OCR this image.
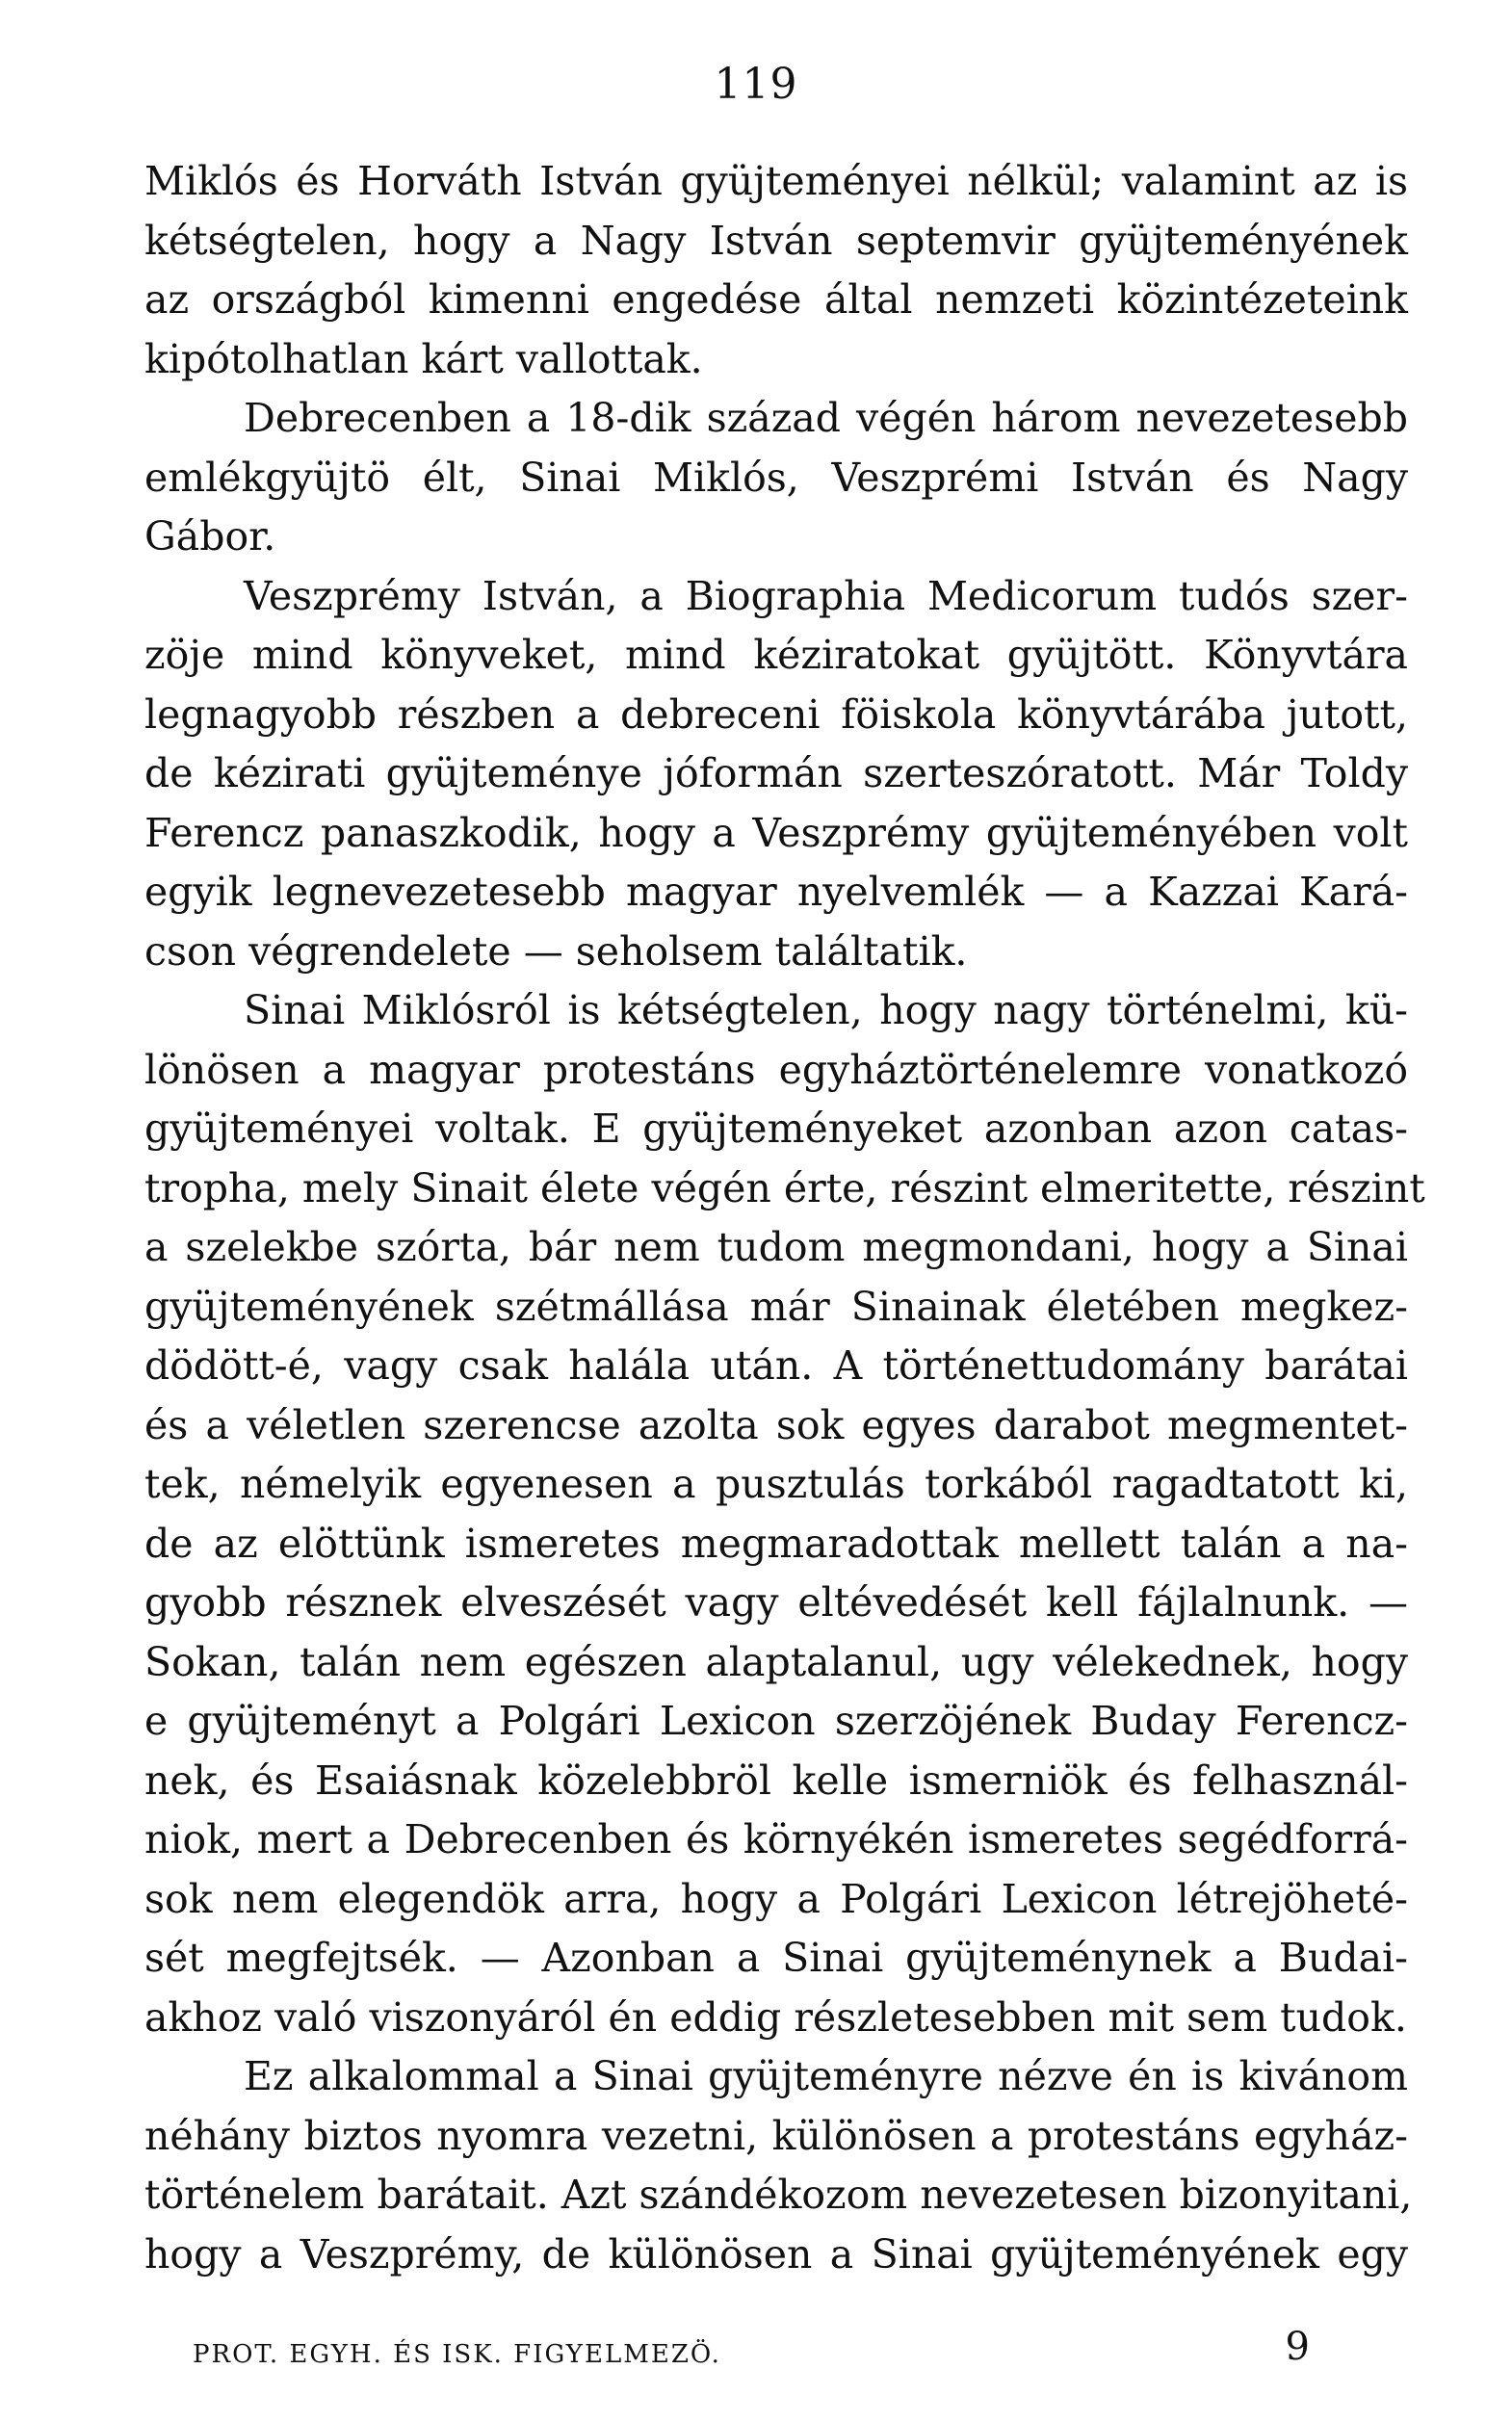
119
Miklós és Horváth István gyüjteményei nélkül; valamint az is
kétségtelen, hogy a Nagy István septemvir gyüjteményének
az országból kimenni engedése által nemzeti közintézeteink
kipótolhatlan kárt vallottak.
Debrecenben a 18-dik század végén három nevezetesebb
emlékgyüjtö élt, Sinai Miklós, Veszprémi István és Nagy
Gábor.
Veszprémy István, a Biographia Medicorum tudós szer-
zöje mind könyveket, mind kéziratokat gyüjtött. Könyvtára
legnagyobb részben a debreceni föiskola könyvtárába jutott,
de kézirati gyüjteménye jóformán szerteszóratott. Már Toldy
Ferencz panaszkodik, hogy a Veszprémy gyüjteményében volt
egyik legnevezetesebb magyar nyelvemlék — a Kazzai Kará-
cson végrendelete — seholsem találtatik.
Sinai Miklósról is kétségtelen, hogy nagy történelmi, kü-
lönösen a magyar protestáns egyháztörténelemre vonatkozó
gyüjteményei voltak. E gyüjteményeket azonban azon catas-
tropha, mely Sinait élete végén érte, részint elmeritette, részint
a szelekbe szórta, bár nem tudom megmondani, hogy a Sinai
gyüjteményének szétmállása már Sinainak életében megkez-
dödött-é, vagy csak halála után. A történettudomány barátai
és a véletlen szerencse azolta sok egyes darabot megmentet-
tek, némelyik egyenesen a pusztulás torkából ragadtatott ki,
de az elöttünk ismeretes megmaradottak mellett talán a na-
gyobb résznek elveszését vagy eltévedését kell fájlalnunk. —
Sokan, talán nem egészen alaptalanul, ugy vélekednek, hogy
e gyüjteményt a Polgári Lexicon szerzöjének Buday Ferencz-
nek, és Esaiásnak közelebbröl kelle ismerniök és felhasznál-
niok, mert a Debrecenben és környékén ismeretes segédforrá-
sok nem elegendök arra, hogy a Polgári Lexicon létrejöheté-
sét megfejtsék. — Azonban a Sinai gyüjteménynek a Budai-
akhoz való viszonyáról én eddig részletesebben mit sem tudok.
Ez alkalommal a Sinai gyüjteményre nézve én is kivánom
néhány biztos nyomra vezetni, különösen a protestáns egyház-
történelem barátait. Azt szándékozom nevezetesen bizonyitani,
hogy a Veszprémy, de különösen a Sinai gyüjteményének egy
PROT. EGYH. ÉS ISK. FIGYELMEZÖ.	9
